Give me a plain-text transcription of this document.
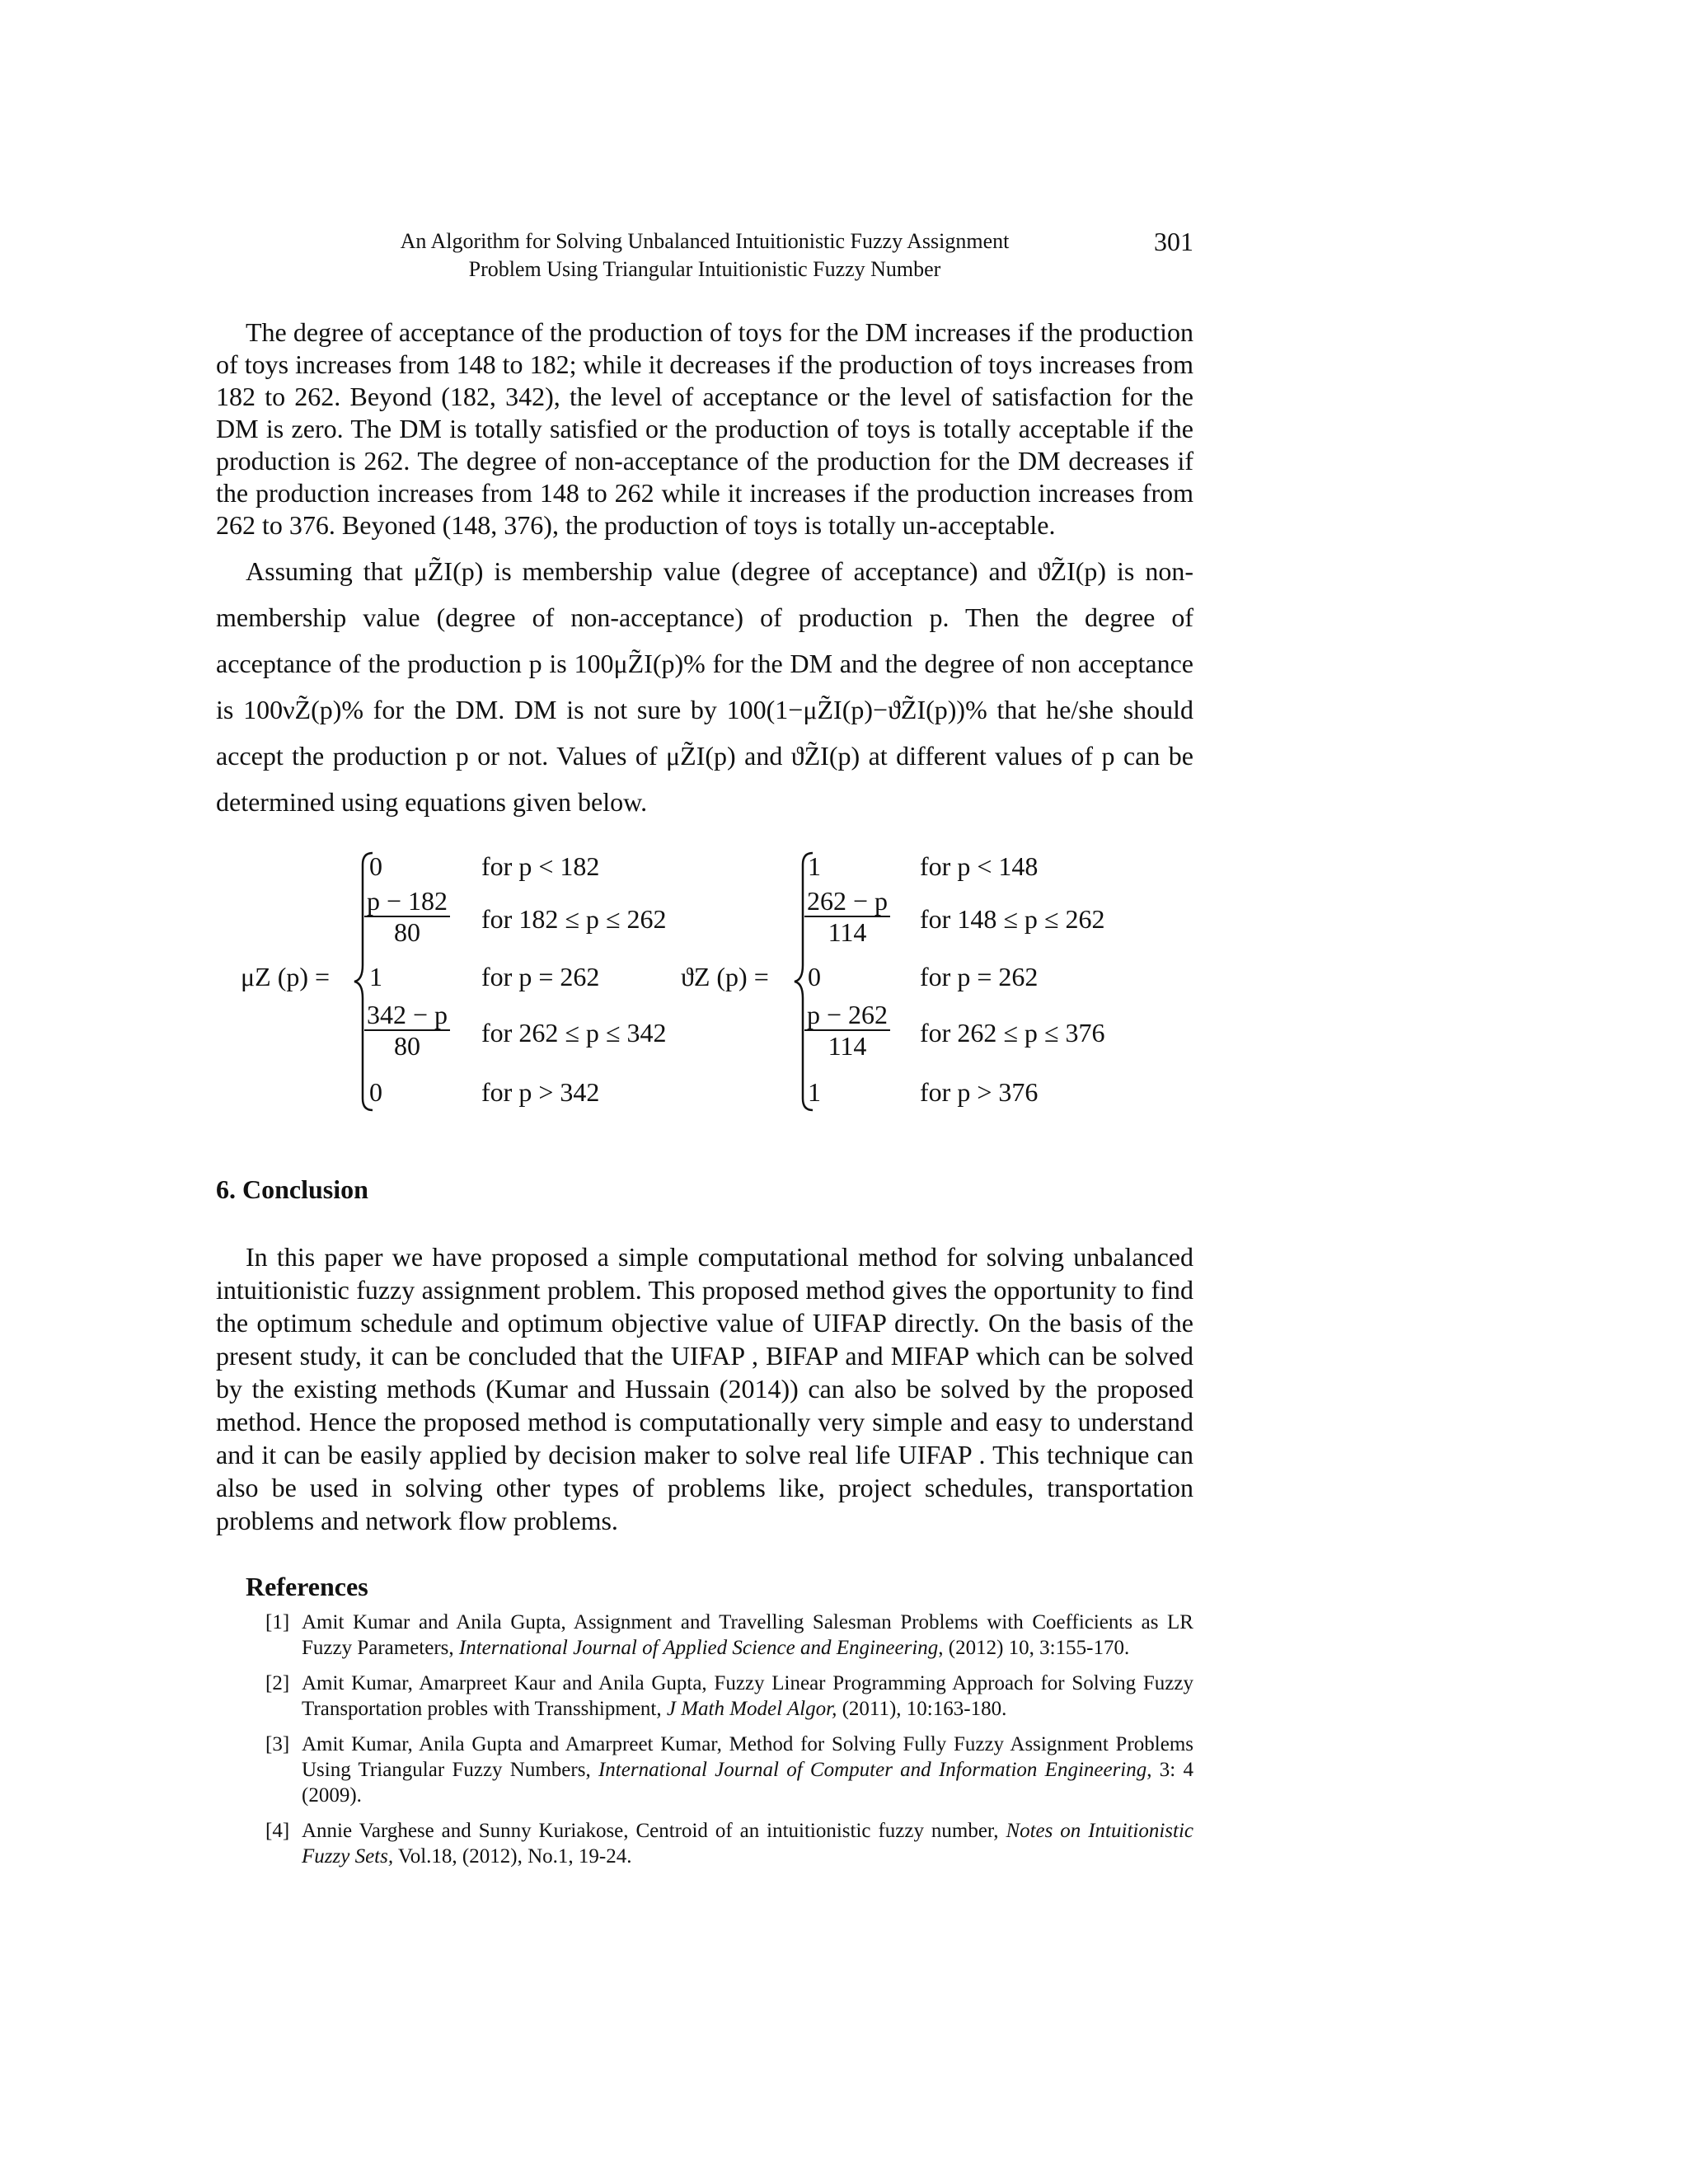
An Algorithm for Solving Unbalanced Intuitionistic Fuzzy Assignment
Problem Using Triangular Intuitionistic Fuzzy Number
301

The degree of acceptance of the production of toys for the DM increases if the production of toys increases from 148 to 182; while it decreases if the production of toys increases from 182 to 262. Beyond (182, 342), the level of acceptance or the level of satisfaction for the DM is zero. The DM is totally satisfied or the production of toys is totally acceptable if the production is 262. The degree of non-acceptance of the production for the DM decreases if the production increases from 148 to 262 while it increases if the production increases from 262 to 376. Beyoned (148, 376), the production of toys is totally un-acceptable.

Assuming that μZ̃I(p) is membership value (degree of acceptance) and ϑZ̃I(p) is non-membership value (degree of non-acceptance) of production p. Then the degree of acceptance of the production p is 100μZ̃I(p)% for the DM and the degree of non acceptance is 100νZ̃(p)% for the DM. DM is not sure by 100(1−μZ̃I(p)−ϑZ̃I(p))% that he/she should accept the production p or not. Values of μZ̃I(p) and ϑZ̃I(p) at different values of p can be determined using equations given below.

μZ (p) =
0	for p < 182
$\frac{p - 182}{80}$ for 182 ≤ p ≤ 262
1	for p = 262
$\frac{342 - p}{80}$ for 262 ≤ p ≤ 342
0	for p > 342
ϑZ (p) =
1	for p < 148
$\frac{262 - p}{114}$ for 148 ≤ p ≤ 262
0	for p = 262
$\frac{p - 262}{114}$ for 262 ≤ p ≤ 376
1	for p > 376
6. Conclusion

In this paper we have proposed a simple computational method for solving unbalanced intuitionistic fuzzy assignment problem. This proposed method gives the opportunity to find the optimum schedule and optimum objective value of UIFAP directly. On the basis of the present study, it can be concluded that the UIFAP , BIFAP and MIFAP which can be solved by the existing methods (Kumar and Hussain (2014)) can also be solved by the proposed method. Hence the proposed method is computationally very simple and easy to understand and it can be easily applied by decision maker to solve real life UIFAP . This technique can also be used in solving other types of problems like, project schedules, transportation problems and network flow problems.

References
[1] Amit Kumar and Anila Gupta, Assignment and Travelling Salesman Problems with Coefficients as LR Fuzzy Parameters, International Journal of Applied Science and Engineering, (2012) 10, 3:155-170.
[2] Amit Kumar, Amarpreet Kaur and Anila Gupta, Fuzzy Linear Programming Approach for Solving Fuzzy Transportation probles with Transshipment, J Math Model Algor, (2011), 10:163-180.
[3] Amit Kumar, Anila Gupta and Amarpreet Kumar, Method for Solving Fully Fuzzy Assignment Problems Using Triangular Fuzzy Numbers, International Journal of Computer and Information Engineering, 3: 4 (2009).
[4] Annie Varghese and Sunny Kuriakose, Centroid of an intuitionistic fuzzy number, Notes on Intuitionistic Fuzzy Sets, Vol.18, (2012), No.1, 19-24.
